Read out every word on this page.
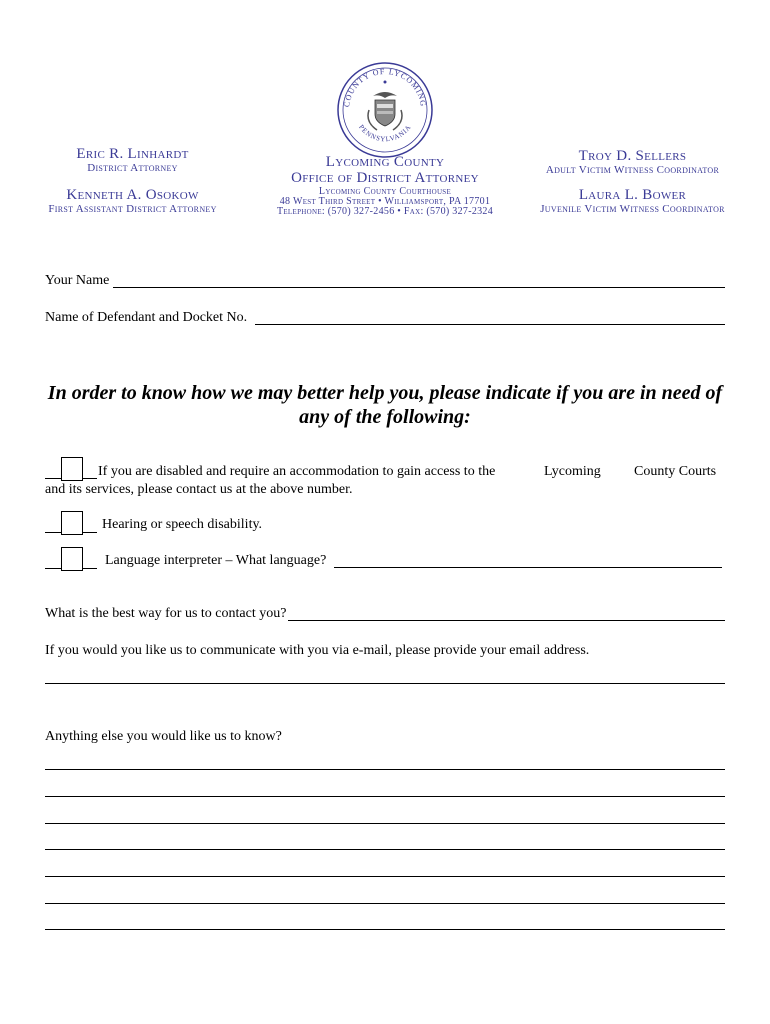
COUNTY OF LYCOMING
PENNSYLVANIA
Eric R. Linhardt
District Attorney
Kenneth A. Osokow
First Assistant District Attorney
Lycoming County
Office of District Attorney
Lycoming County Courthouse
48 West Third Street • Williamsport, PA 17701
Telephone: (570) 327-2456 • Fax: (570) 327-2324
Troy D. Sellers
Adult Victim Witness Coordinator
Laura L. Bower
Juvenile Victim Witness Coordinator
Your Name
Name of Defendant and Docket No.
In order to know how we may better help you, please indicate if you are in need of
any of the following:
If you are disabled and require an accommodation to gain access to the	Lycoming County Courts
and its services, please contact us at the above number.
Hearing or speech disability.
Language interpreter – What language?
What is the best way for us to contact you?
If you would you like us to communicate with you via e-mail, please provide your email address.
Anything else you would like us to know?
